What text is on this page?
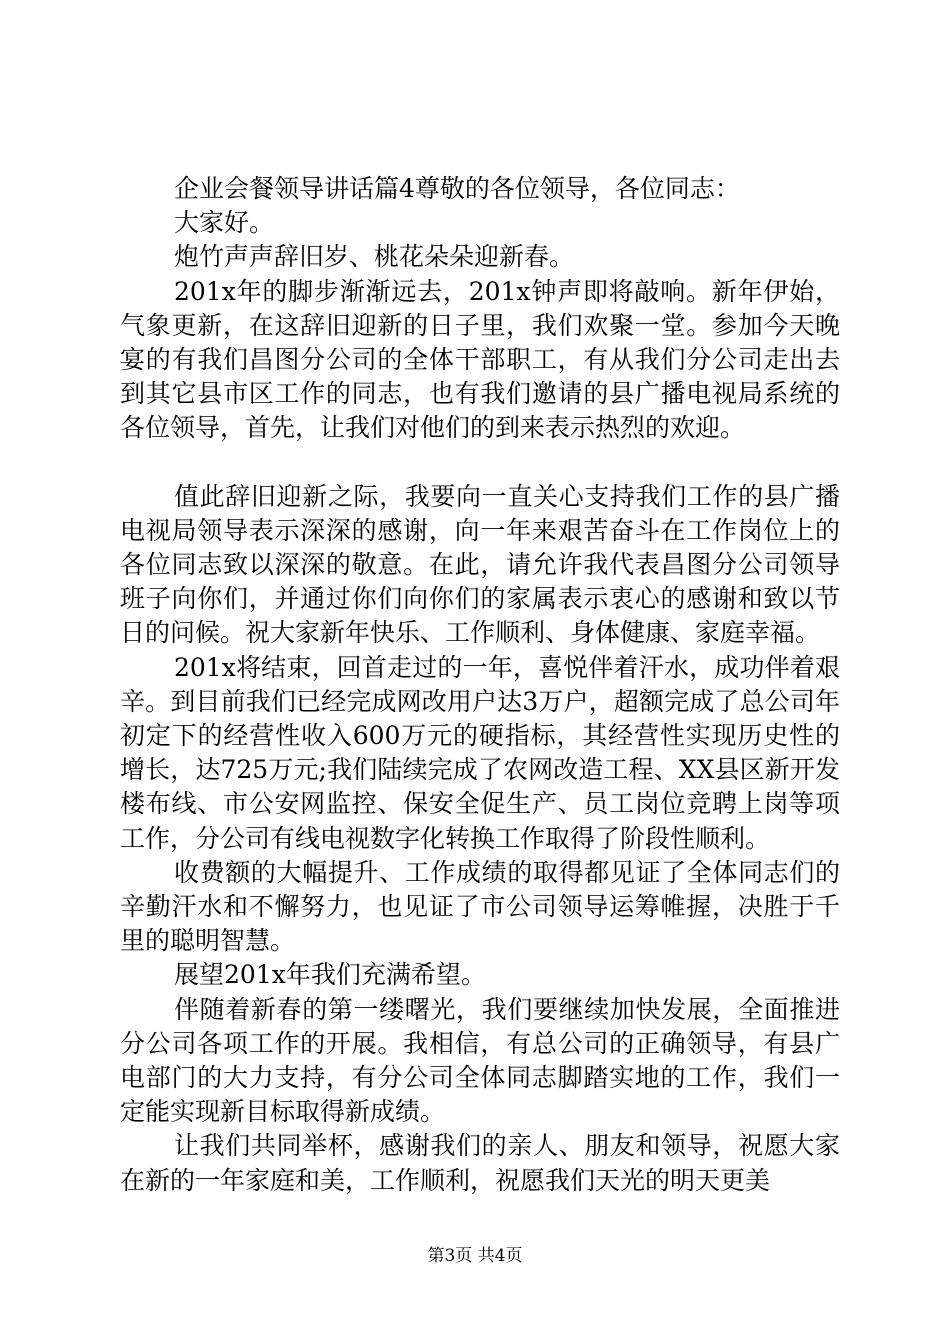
企业会餐领导讲话篇4尊敬的各位领导，各位同志：

大家好。

炮竹声声辞旧岁、桃花朵朵迎新春。

201x年的脚步渐渐远去，201x钟声即将敲响。新年伊始，气象更新，在这辞旧迎新的日子里，我们欢聚一堂。参加今天晚宴的有我们昌图分公司的全体干部职工，有从我们分公司走出去到其它县市区工作的同志，也有我们邀请的县广播电视局系统的各位领导，首先，让我们对他们的到来表示热烈的欢迎。

值此辞旧迎新之际，我要向一直关心支持我们工作的县广播电视局领导表示深深的感谢，向一年来艰苦奋斗在工作岗位上的各位同志致以深深的敬意。在此，请允许我代表昌图分公司领导班子向你们，并通过你们向你们的家属表示衷心的感谢和致以节日的问候。祝大家新年快乐、工作顺利、身体健康、家庭幸福。

201x将结束，回首走过的一年，喜悦伴着汗水，成功伴着艰辛。到目前我们已经完成网改用户达3万户，超额完成了总公司年初定下的经营性收入600万元的硬指标，其经营性实现历史性的增长，达725万元;我们陆续完成了农网改造工程、XX县区新开发楼布线、市公安网监控、保安全促生产、员工岗位竞聘上岗等项工作，分公司有线电视数字化转换工作取得了阶段性顺利。

收费额的大幅提升、工作成绩的取得都见证了全体同志们的辛勤汗水和不懈努力，也见证了市公司领导运筹帷握，决胜于千里的聪明智慧。

展望201x年我们充满希望。

伴随着新春的第一缕曙光，我们要继续加快发展，全面推进分公司各项工作的开展。我相信，有总公司的正确领导，有县广电部门的大力支持，有分公司全体同志脚踏实地的工作，我们一定能实现新目标取得新成绩。

让我们共同举杯，感谢我们的亲人、朋友和领导，祝愿大家在新的一年家庭和美，工作顺利，祝愿我们天光的明天更美

第3页 共4页
